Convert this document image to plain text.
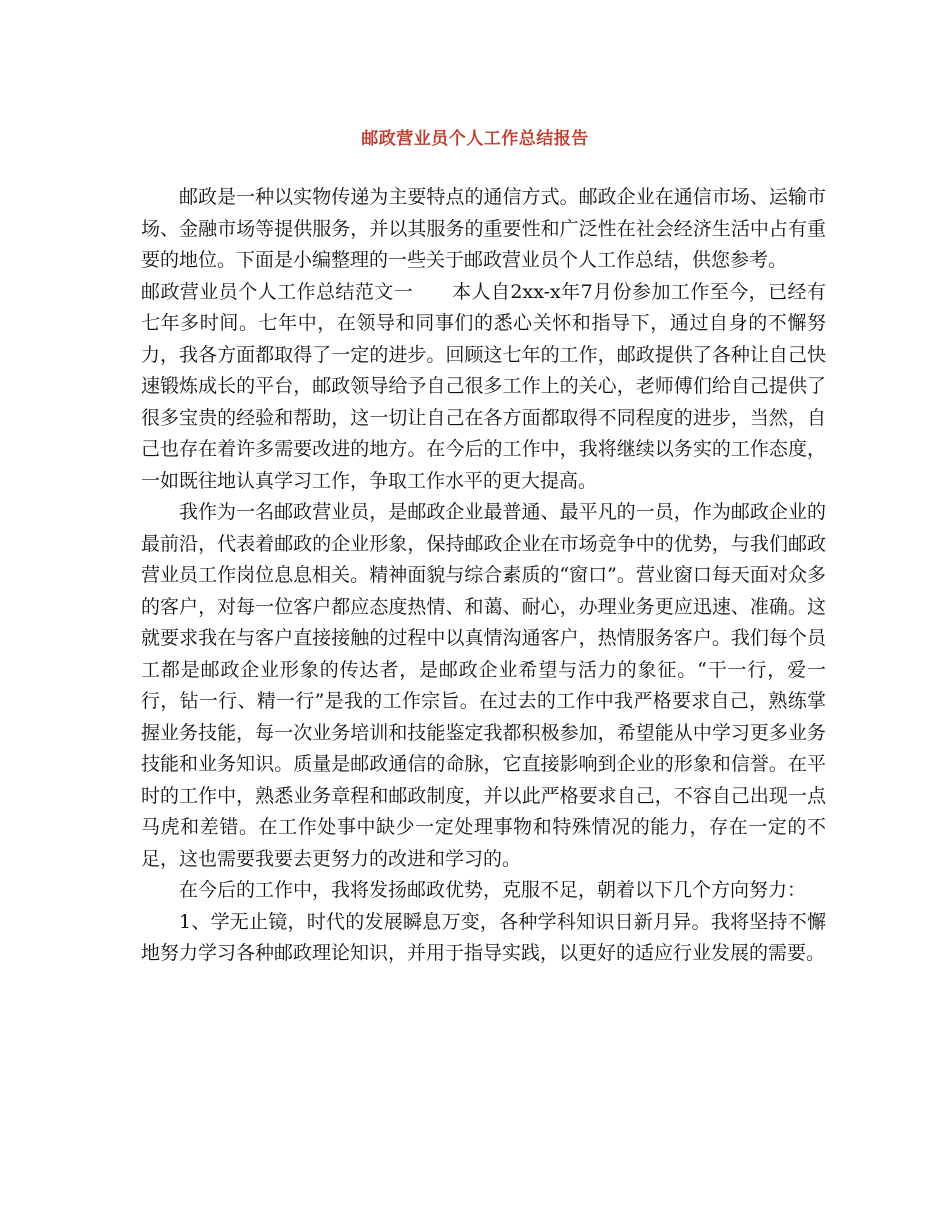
邮政营业员个人工作总结报告

邮政是一种以实物传递为主要特点的通信方式。邮政企业在通信市场、运输市场、金融市场等提供服务，并以其服务的重要性和广泛性在社会经济生活中占有重要的地位。下面是小编整理的一些关于邮政营业员个人工作总结，供您参考。

邮政营业员个人工作总结范文一　　本人自2xx-x年7月份参加工作至今，已经有七年多时间。七年中，在领导和同事们的悉心关怀和指导下，通过自身的不懈努力，我各方面都取得了一定的进步。回顾这七年的工作，邮政提供了各种让自己快速锻炼成长的平台，邮政领导给予自己很多工作上的关心，老师傅们给自己提供了很多宝贵的经验和帮助，这一切让自己在各方面都取得不同程度的进步，当然，自己也存在着许多需要改进的地方。在今后的工作中，我将继续以务实的工作态度，一如既往地认真学习工作，争取工作水平的更大提高。

我作为一名邮政营业员，是邮政企业最普通、最平凡的一员，作为邮政企业的最前沿，代表着邮政的企业形象，保持邮政企业在市场竞争中的优势，与我们邮政营业员工作岗位息息相关。精神面貌与综合素质的“窗口”。营业窗口每天面对众多的客户，对每一位客户都应态度热情、和蔼、耐心，办理业务更应迅速、准确。这就要求我在与客户直接接触的过程中以真情沟通客户，热情服务客户。我们每个员工都是邮政企业形象的传达者，是邮政企业希望与活力的象征。“干一行，爱一行，钻一行、精一行”是我的工作宗旨。在过去的工作中我严格要求自己，熟练掌握业务技能，每一次业务培训和技能鉴定我都积极参加，希望能从中学习更多业务技能和业务知识。质量是邮政通信的命脉，它直接影响到企业的形象和信誉。在平时的工作中，熟悉业务章程和邮政制度，并以此严格要求自己，不容自己出现一点马虎和差错。在工作处事中缺少一定处理事物和特殊情况的能力，存在一定的不足，这也需要我要去更努力的改进和学习的。

在今后的工作中，我将发扬邮政优势，克服不足，朝着以下几个方向努力：

1、学无止镜，时代的发展瞬息万变，各种学科知识日新月异。我将坚持不懈地努力学习各种邮政理论知识，并用于指导实践，以更好的适应行业发展的需要。
